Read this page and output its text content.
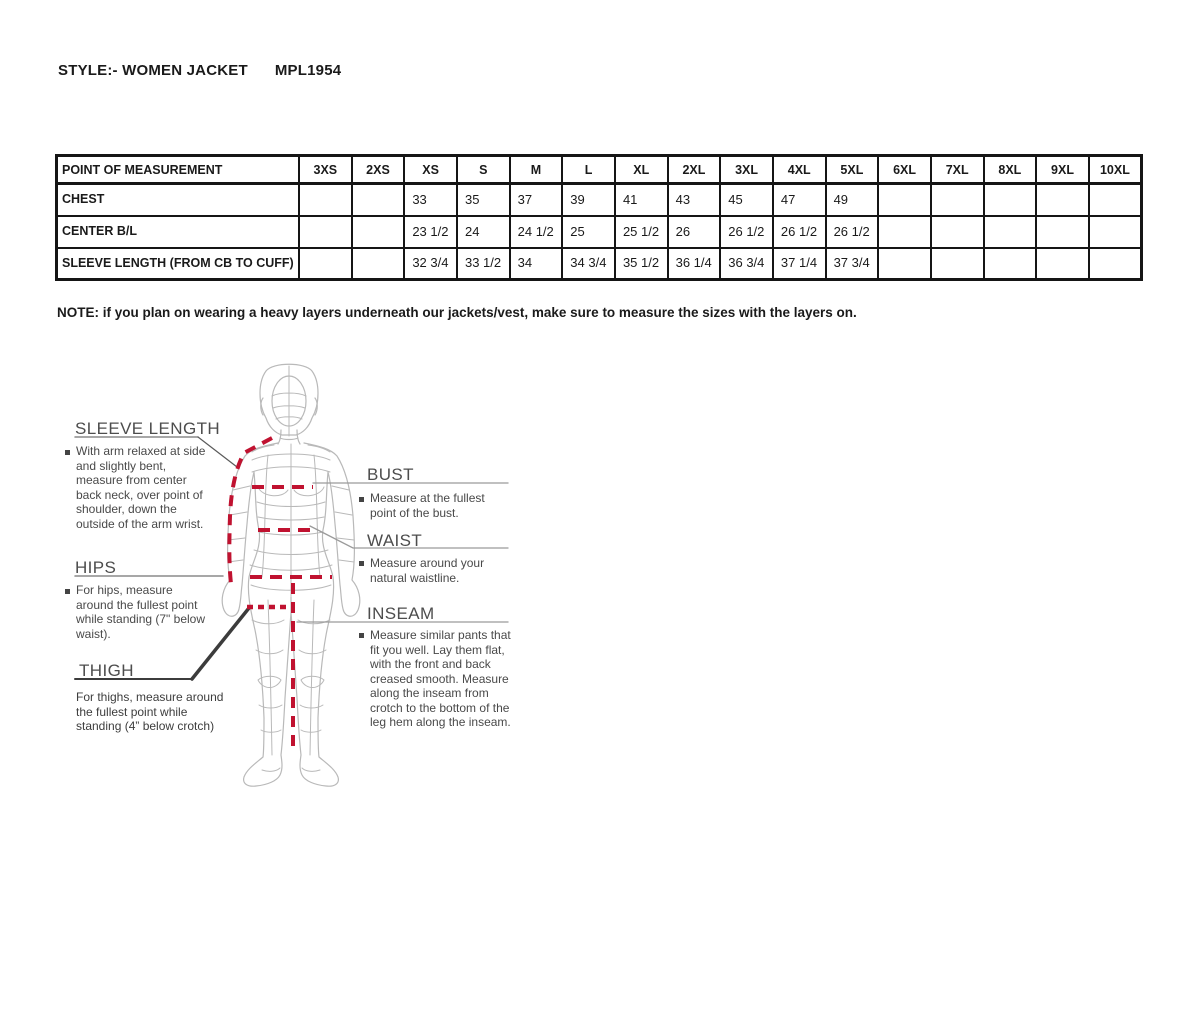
STYLE:- WOMEN JACKET MPL1954
POINT OF MEASUREMENT	3XS	2XS	XS	S	M	L	XL	2XL	3XL	4XL	5XL	6XL	7XL	8XL	9XL	10XL
CHEST			33	35	37	39	41	43	45	47	49					
CENTER B/L			23 1/2	24	24 1/2	25	25 1/2	26	26 1/2	26 1/2	26 1/2					
SLEEVE LENGTH (FROM CB TO CUFF)			32 3/4	33 1/2	34	34 3/4	35 1/2	36 1/4	36 3/4	37 1/4	37 3/4					
NOTE: if you plan on wearing a heavy layers underneath our jackets/vest, make sure to measure the sizes with the layers on.
SLEEVE LENGTH
With arm relaxed at side and slightly bent, measure from center back neck, over point of shoulder, down the outside of the arm wrist.
HIPS
For hips, measure around the fullest point while standing (7" below waist).
THIGH
For thighs, measure around the fullest point while standing (4” below crotch)
BUST
Measure at the fullest point of the bust.
WAIST
Measure around your natural waistline.
INSEAM
Measure similar pants that fit you well. Lay them flat, with the front and back creased smooth. Measure along the inseam from crotch to the bottom of the leg hem along the inseam.
